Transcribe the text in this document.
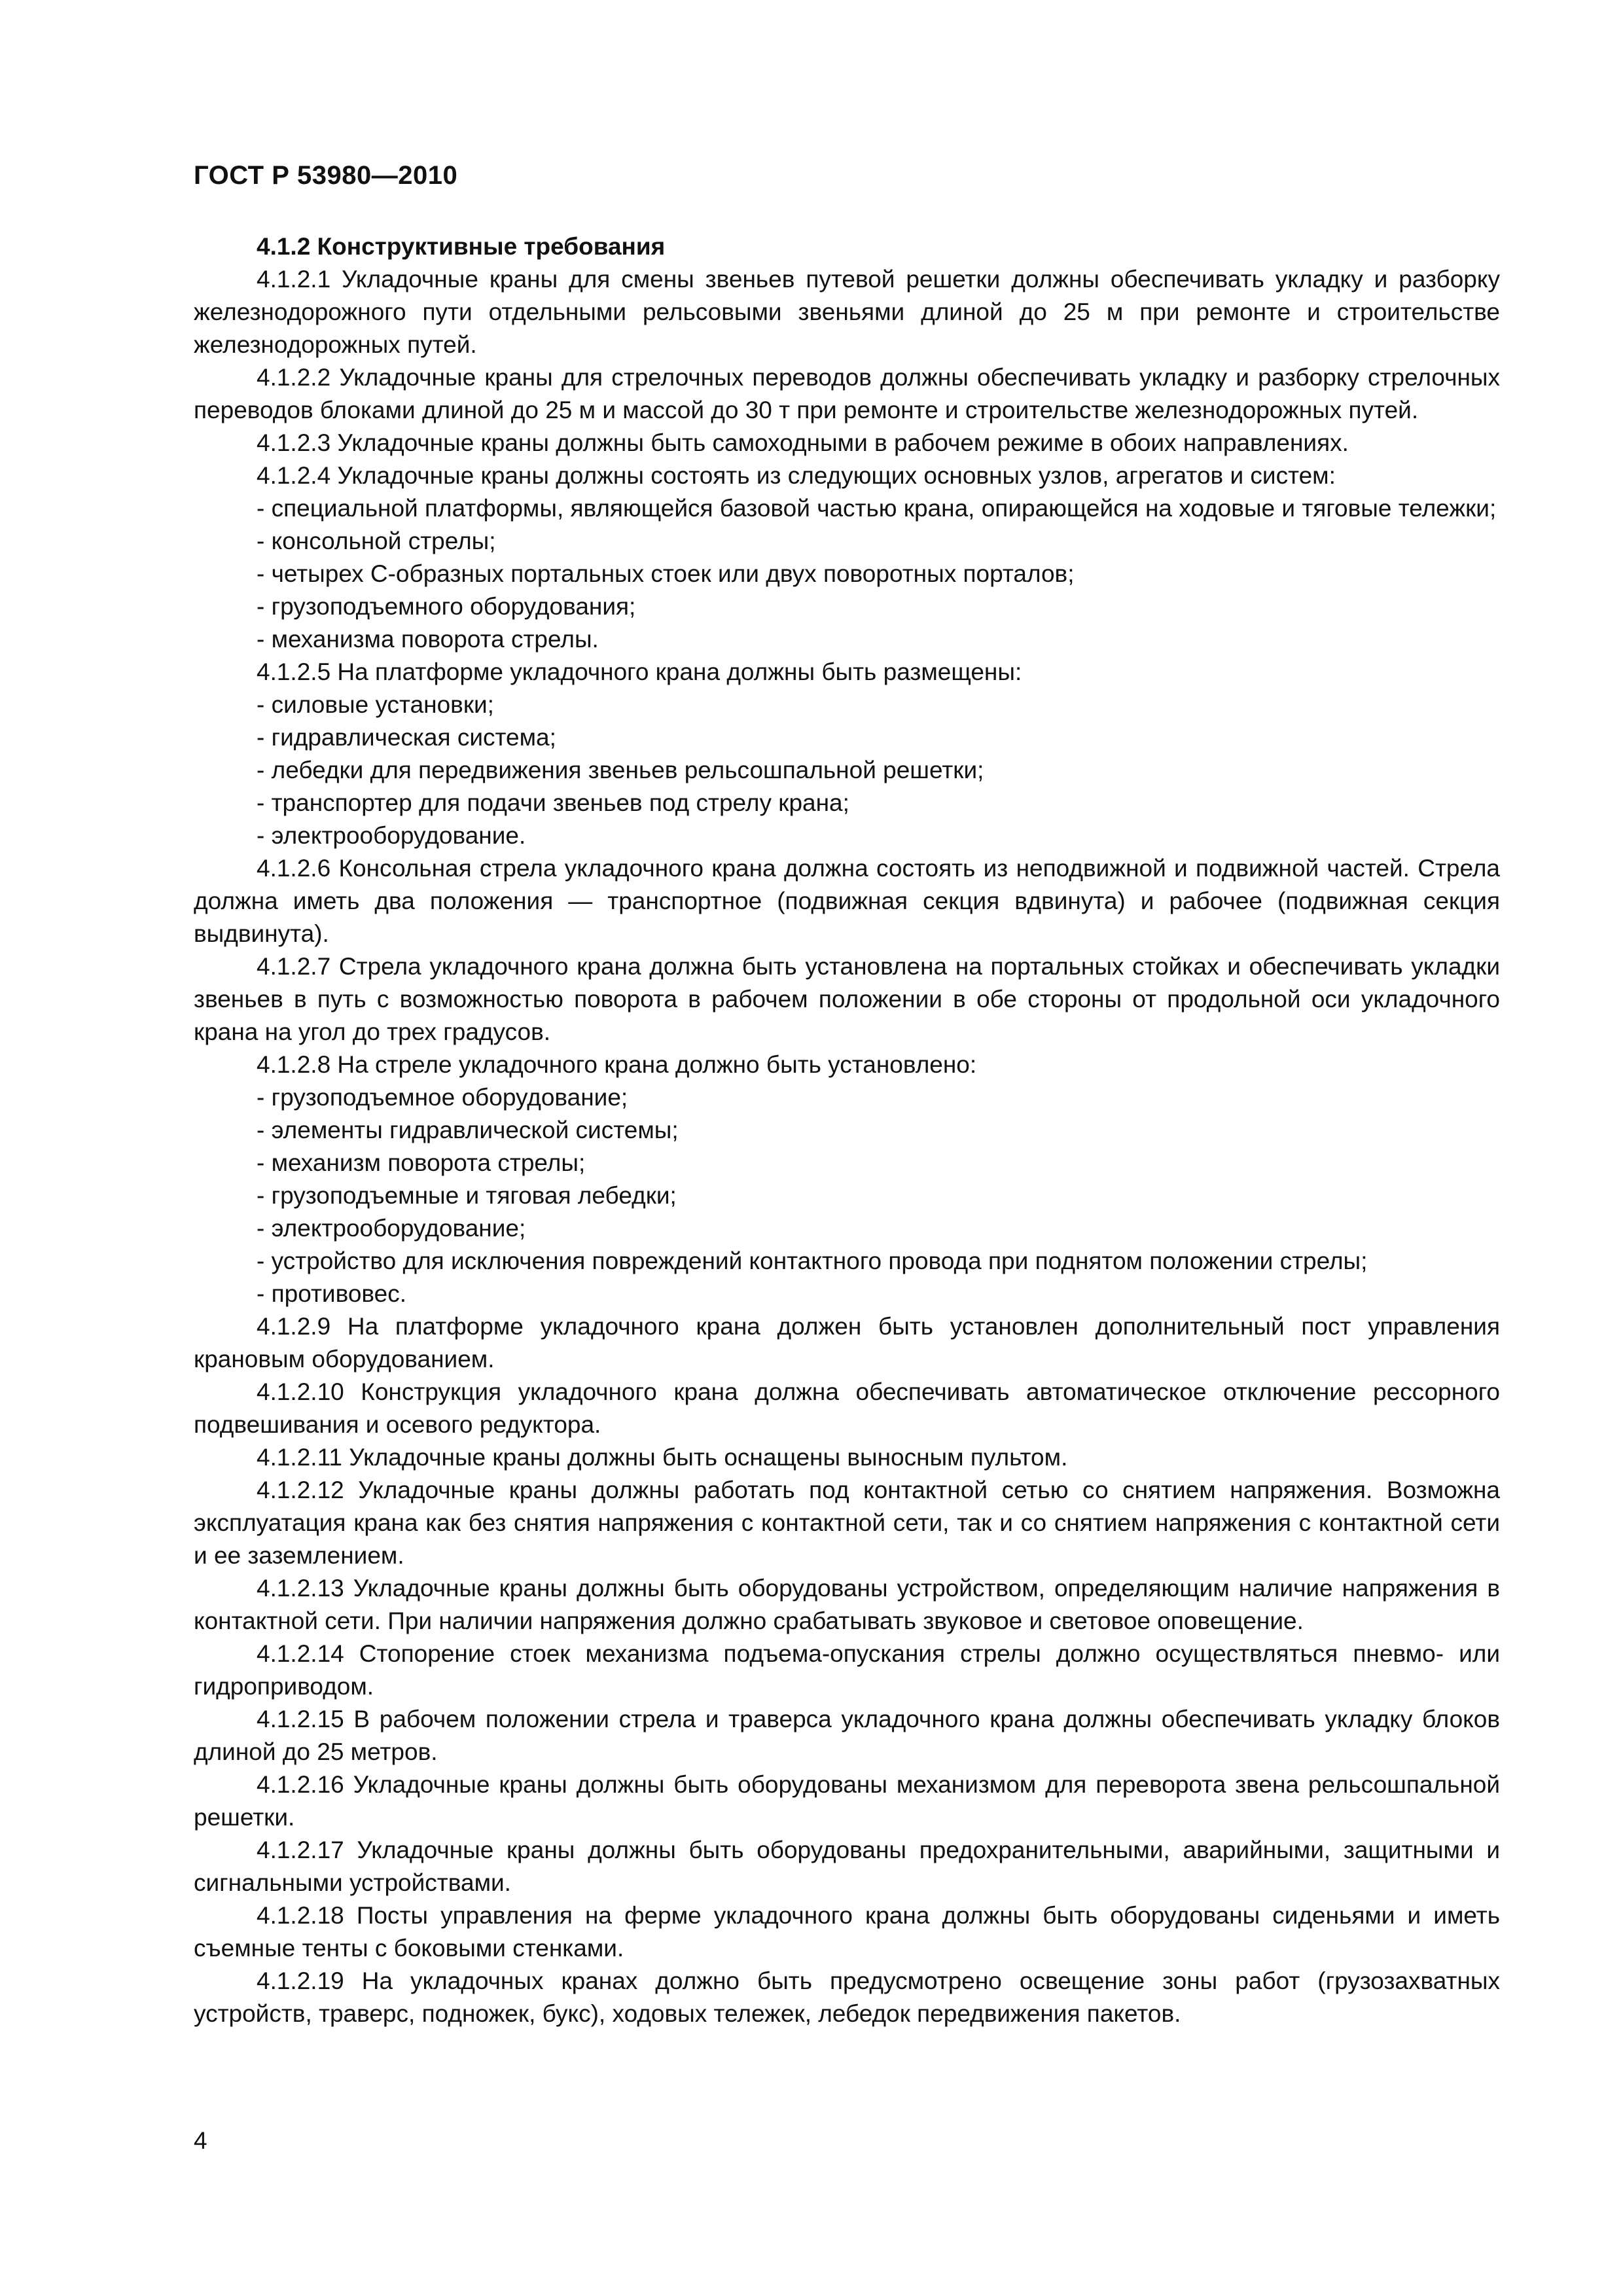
ГОСТ Р 53980—2010

4.1.2 Конструктивные требования

4.1.2.1 Укладочные краны для смены звеньев путевой решетки должны обеспечивать укладку и разборку железнодорожного пути отдельными рельсовыми звеньями длиной до 25 м при ремонте и строительстве железнодорожных путей.

4.1.2.2 Укладочные краны для стрелочных переводов должны обеспечивать укладку и разборку стрелочных переводов блоками длиной до 25 м и массой до 30 т при ремонте и строительстве железнодорожных путей.

4.1.2.3 Укладочные краны должны быть самоходными в рабочем режиме в обоих направлениях.

4.1.2.4 Укладочные краны должны состоять из следующих основных узлов, агрегатов и систем:

- специальной платформы, являющейся базовой частью крана, опирающейся на ходовые и тяговые тележки;

- консольной стрелы;

- четырех С-образных портальных стоек или двух поворотных порталов;

- грузоподъемного оборудования;

- механизма поворота стрелы.

4.1.2.5 На платформе укладочного крана должны быть размещены:

- силовые установки;

- гидравлическая система;

- лебедки для передвижения звеньев рельсошпальной решетки;

- транспортер для подачи звеньев под стрелу крана;

- электрооборудование.

4.1.2.6 Консольная стрела укладочного крана должна состоять из неподвижной и подвижной частей. Стрела должна иметь два положения — транспортное (подвижная секция вдвинута) и рабочее (подвижная секция выдвинута).

4.1.2.7 Стрела укладочного крана должна быть установлена на портальных стойках и обеспечивать укладки звеньев в путь с возможностью поворота в рабочем положении в обе стороны от продольной оси укладочного крана на угол до трех градусов.

4.1.2.8 На стреле укладочного крана должно быть установлено:

- грузоподъемное оборудование;

- элементы гидравлической системы;

- механизм поворота стрелы;

- грузоподъемные и тяговая лебедки;

- электрооборудование;

- устройство для исключения повреждений контактного провода при поднятом положении стрелы;

- противовес.

4.1.2.9 На платформе укладочного крана должен быть установлен дополнительный пост управления крановым оборудованием.

4.1.2.10 Конструкция укладочного крана должна обеспечивать автоматическое отключение рессорного подвешивания и осевого редуктора.

4.1.2.11 Укладочные краны должны быть оснащены выносным пультом.

4.1.2.12 Укладочные краны должны работать под контактной сетью со снятием напряжения. Возможна эксплуатация крана как без снятия напряжения с контактной сети, так и со снятием напряжения с контактной сети и ее заземлением.

4.1.2.13 Укладочные краны должны быть оборудованы устройством, определяющим наличие напряжения в контактной сети. При наличии напряжения должно срабатывать звуковое и световое оповещение.

4.1.2.14 Стопорение стоек механизма подъема-опускания стрелы должно осуществляться пневмо- или гидроприводом.

4.1.2.15 В рабочем положении стрела и траверса укладочного крана должны обеспечивать укладку блоков длиной до 25 метров.

4.1.2.16 Укладочные краны должны быть оборудованы механизмом для переворота звена рельсошпальной решетки.

4.1.2.17 Укладочные краны должны быть оборудованы предохранительными, аварийными, защитными и сигнальными устройствами.

4.1.2.18 Посты управления на ферме укладочного крана должны быть оборудованы сиденьями и иметь съемные тенты с боковыми стенками.

4.1.2.19 На укладочных кранах должно быть предусмотрено освещение зоны работ (грузозахватных устройств, траверс, подножек, букс), ходовых тележек, лебедок передвижения пакетов.

4
